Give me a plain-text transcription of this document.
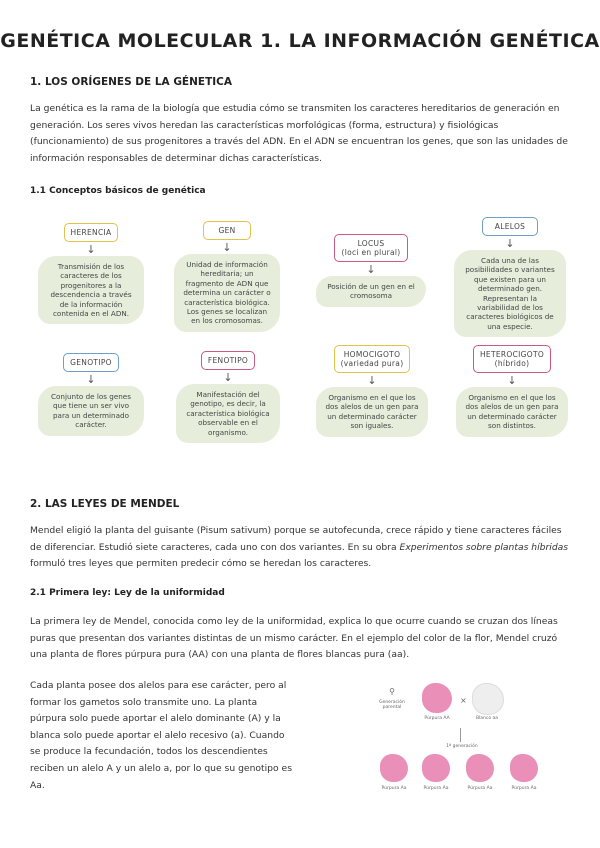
GENÉTICA MOLECULAR 1. LA INFORMACIÓN GENÉTICA
1. LOS ORÍGENES DE LA GÉNETICA
La genética es la rama de la biología que estudia cómo se transmiten los caracteres hereditarios de generación en generación. Los seres vivos heredan las características morfológicas (forma, estructura) y fisiológicas (funcionamiento) de sus progenitores a través del ADN. En el ADN se encuentran los genes, que son las unidades de información responsables de determinar dichas características.
1.1 Conceptos básicos de genética
HERENCIA
↓
Transmisión de los caracteres de los progenitores a la descendencia a través de la información contenida en el ADN.
GEN
↓
Unidad de información hereditaria; un fragmento de ADN que determina un carácter o característica biológica. Los genes se localizan en los cromosomas.
LOCUS
(loci en plural)
↓
Posición de un gen en el cromosoma
ALELOS
↓
Cada una de las posibilidades o variantes que existen para un determinado gen. Representan la variabilidad de los caracteres biológicos de una especie.
GENOTIPO
↓
Conjunto de los genes que tiene un ser vivo para un determinado carácter.
FENOTIPO
↓
Manifestación del genotipo, es decir, la característica biológica observable en el organismo.
HOMOCIGOTO
(variedad pura)
↓
Organismo en el que los dos alelos de un gen para un determinado carácter son iguales.
HETEROCIGOTO
(híbrido)
↓
Organismo en el que los dos alelos de un gen para un determinado carácter son distintos.
2. LAS LEYES DE MENDEL
Mendel eligió la planta del guisante (Pisum sativum) porque se autofecunda, crece rápido y tiene caracteres fáciles de diferenciar. Estudió siete caracteres, cada uno con dos variantes. En su obra Experimentos sobre plantas híbridas formuló tres leyes que permiten predecir cómo se heredan los caracteres.
2.1 Primera ley: Ley de la uniformidad
La primera ley de Mendel, conocida como ley de la uniformidad, explica lo que ocurre cuando se cruzan dos líneas puras que presentan dos variantes distintas de un mismo carácter. En el ejemplo del color de la flor, Mendel cruzó una planta de flores púrpura pura (AA) con una planta de flores blancas pura (aa).
Cada planta posee dos alelos para ese carácter, pero al formar los gametos solo transmite uno. La planta púrpura solo puede aportar el alelo dominante (A) y la blanca solo puede aportar el alelo recesivo (a). Cuando se produce la fecundación, todos los descendientes reciben un alelo A y un alelo a, por lo que su genotipo es Aa.
⚲
Generación parental
Púrpura AA
×
Blanco aa
1ª generación
Púrpura Aa	Púrpura Aa	Púrpura Aa	Púrpura Aa
